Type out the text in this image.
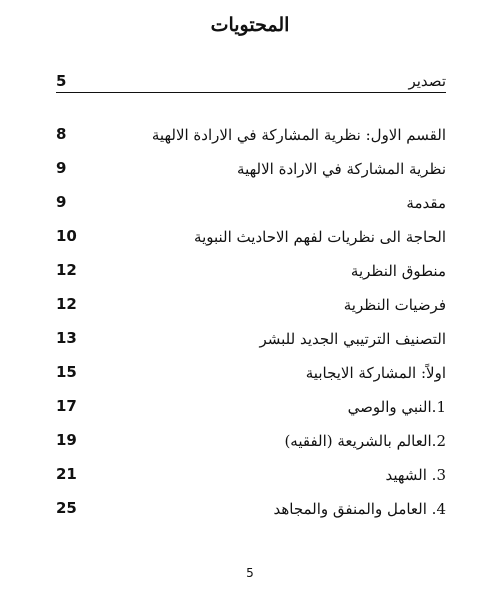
المحتويات
5	تصدير
8	القسم الاول: نظرية المشاركة في الارادة الالهية
9	نظرية المشاركة في الارادة الالهية
9	مقدمة
10	الحاجة الى نظريات لفهم الاحاديث النبوية
12	منطوق النظرية
12	فرضيات النظرية
13	التصنيف الترتيبي الجديد للبشر
15	اولاً: المشاركة الايجابية
17	1.النبي والوصي
19	2.العالم بالشريعة (الفقيه)
21	3. الشهيد
25	4. العامل والمنفق والمجاهد
5
